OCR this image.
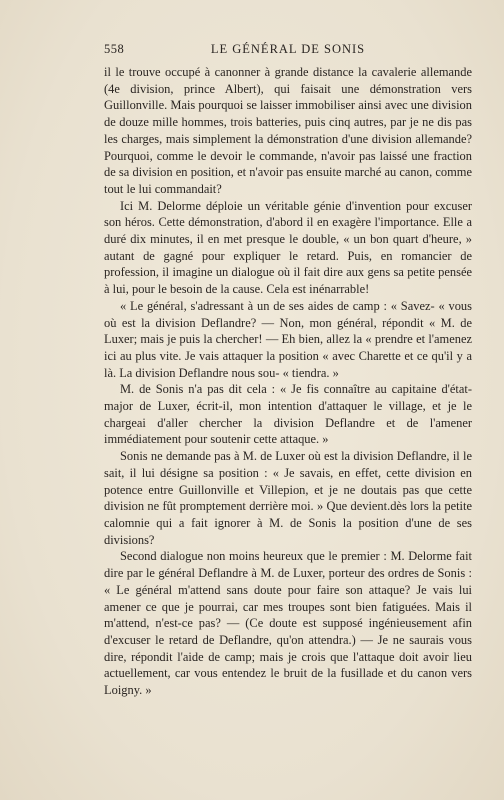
558	LE GÉNÉRAL DE SONIS

il le trouve occupé à canonner à grande distance la cavalerie allemande (4e division, prince Albert), qui faisait une démonstration vers Guillonville. Mais pourquoi se laisser immobiliser ainsi avec une division de douze mille hommes, trois batteries, puis cinq autres, par je ne dis pas les charges, mais simplement la démonstration d'une division allemande? Pourquoi, comme le devoir le commande, n'avoir pas laissé une fraction de sa division en position, et n'avoir pas ensuite marché au canon, comme tout le lui commandait?

Ici M. Delorme déploie un véritable génie d'invention pour excuser son héros. Cette démonstration, d'abord il en exagère l'importance. Elle a duré dix minutes, il en met presque le double, « un bon quart d'heure, » autant de gagné pour expliquer le retard. Puis, en romancier de profession, il imagine un dialogue où il fait dire aux gens sa petite pensée à lui, pour le besoin de la cause. Cela est inénarrable!

« Le général, s'adressant à un de ses aides de camp : « Savez- « vous où est la division Deflandre? — Non, mon général, répondit « M. de Luxer; mais je puis la chercher! — Eh bien, allez la « prendre et l'amenez ici au plus vite. Je vais attaquer la position « avec Charette et ce qu'il y a là. La division Deflandre nous sou- « tiendra. »

M. de Sonis n'a pas dit cela : « Je fis connaître au capitaine d'état-major de Luxer, écrit-il, mon intention d'attaquer le village, et je le chargeai d'aller chercher la division Deflandre et de l'amener immédiatement pour soutenir cette attaque. »

Sonis ne demande pas à M. de Luxer où est la division Deflandre, il le sait, il lui désigne sa position : « Je savais, en effet, cette division en potence entre Guillonville et Villepion, et je ne doutais pas que cette division ne fût promptement derrière moi. » Que devient.dès lors la petite calomnie qui a fait ignorer à M. de Sonis la position d'une de ses divisions?

Second dialogue non moins heureux que le premier : M. Delorme fait dire par le général Deflandre à M. de Luxer, porteur des ordres de Sonis : « Le général m'attend sans doute pour faire son attaque? Je vais lui amener ce que je pourrai, car mes troupes sont bien fatiguées. Mais il m'attend, n'est-ce pas? — (Ce doute est supposé ingénieusement afin d'excuser le retard de Deflandre, qu'on attendra.) — Je ne saurais vous dire, répondit l'aide de camp; mais je crois que l'attaque doit avoir lieu actuellement, car vous entendez le bruit de la fusillade et du canon vers Loigny. »
